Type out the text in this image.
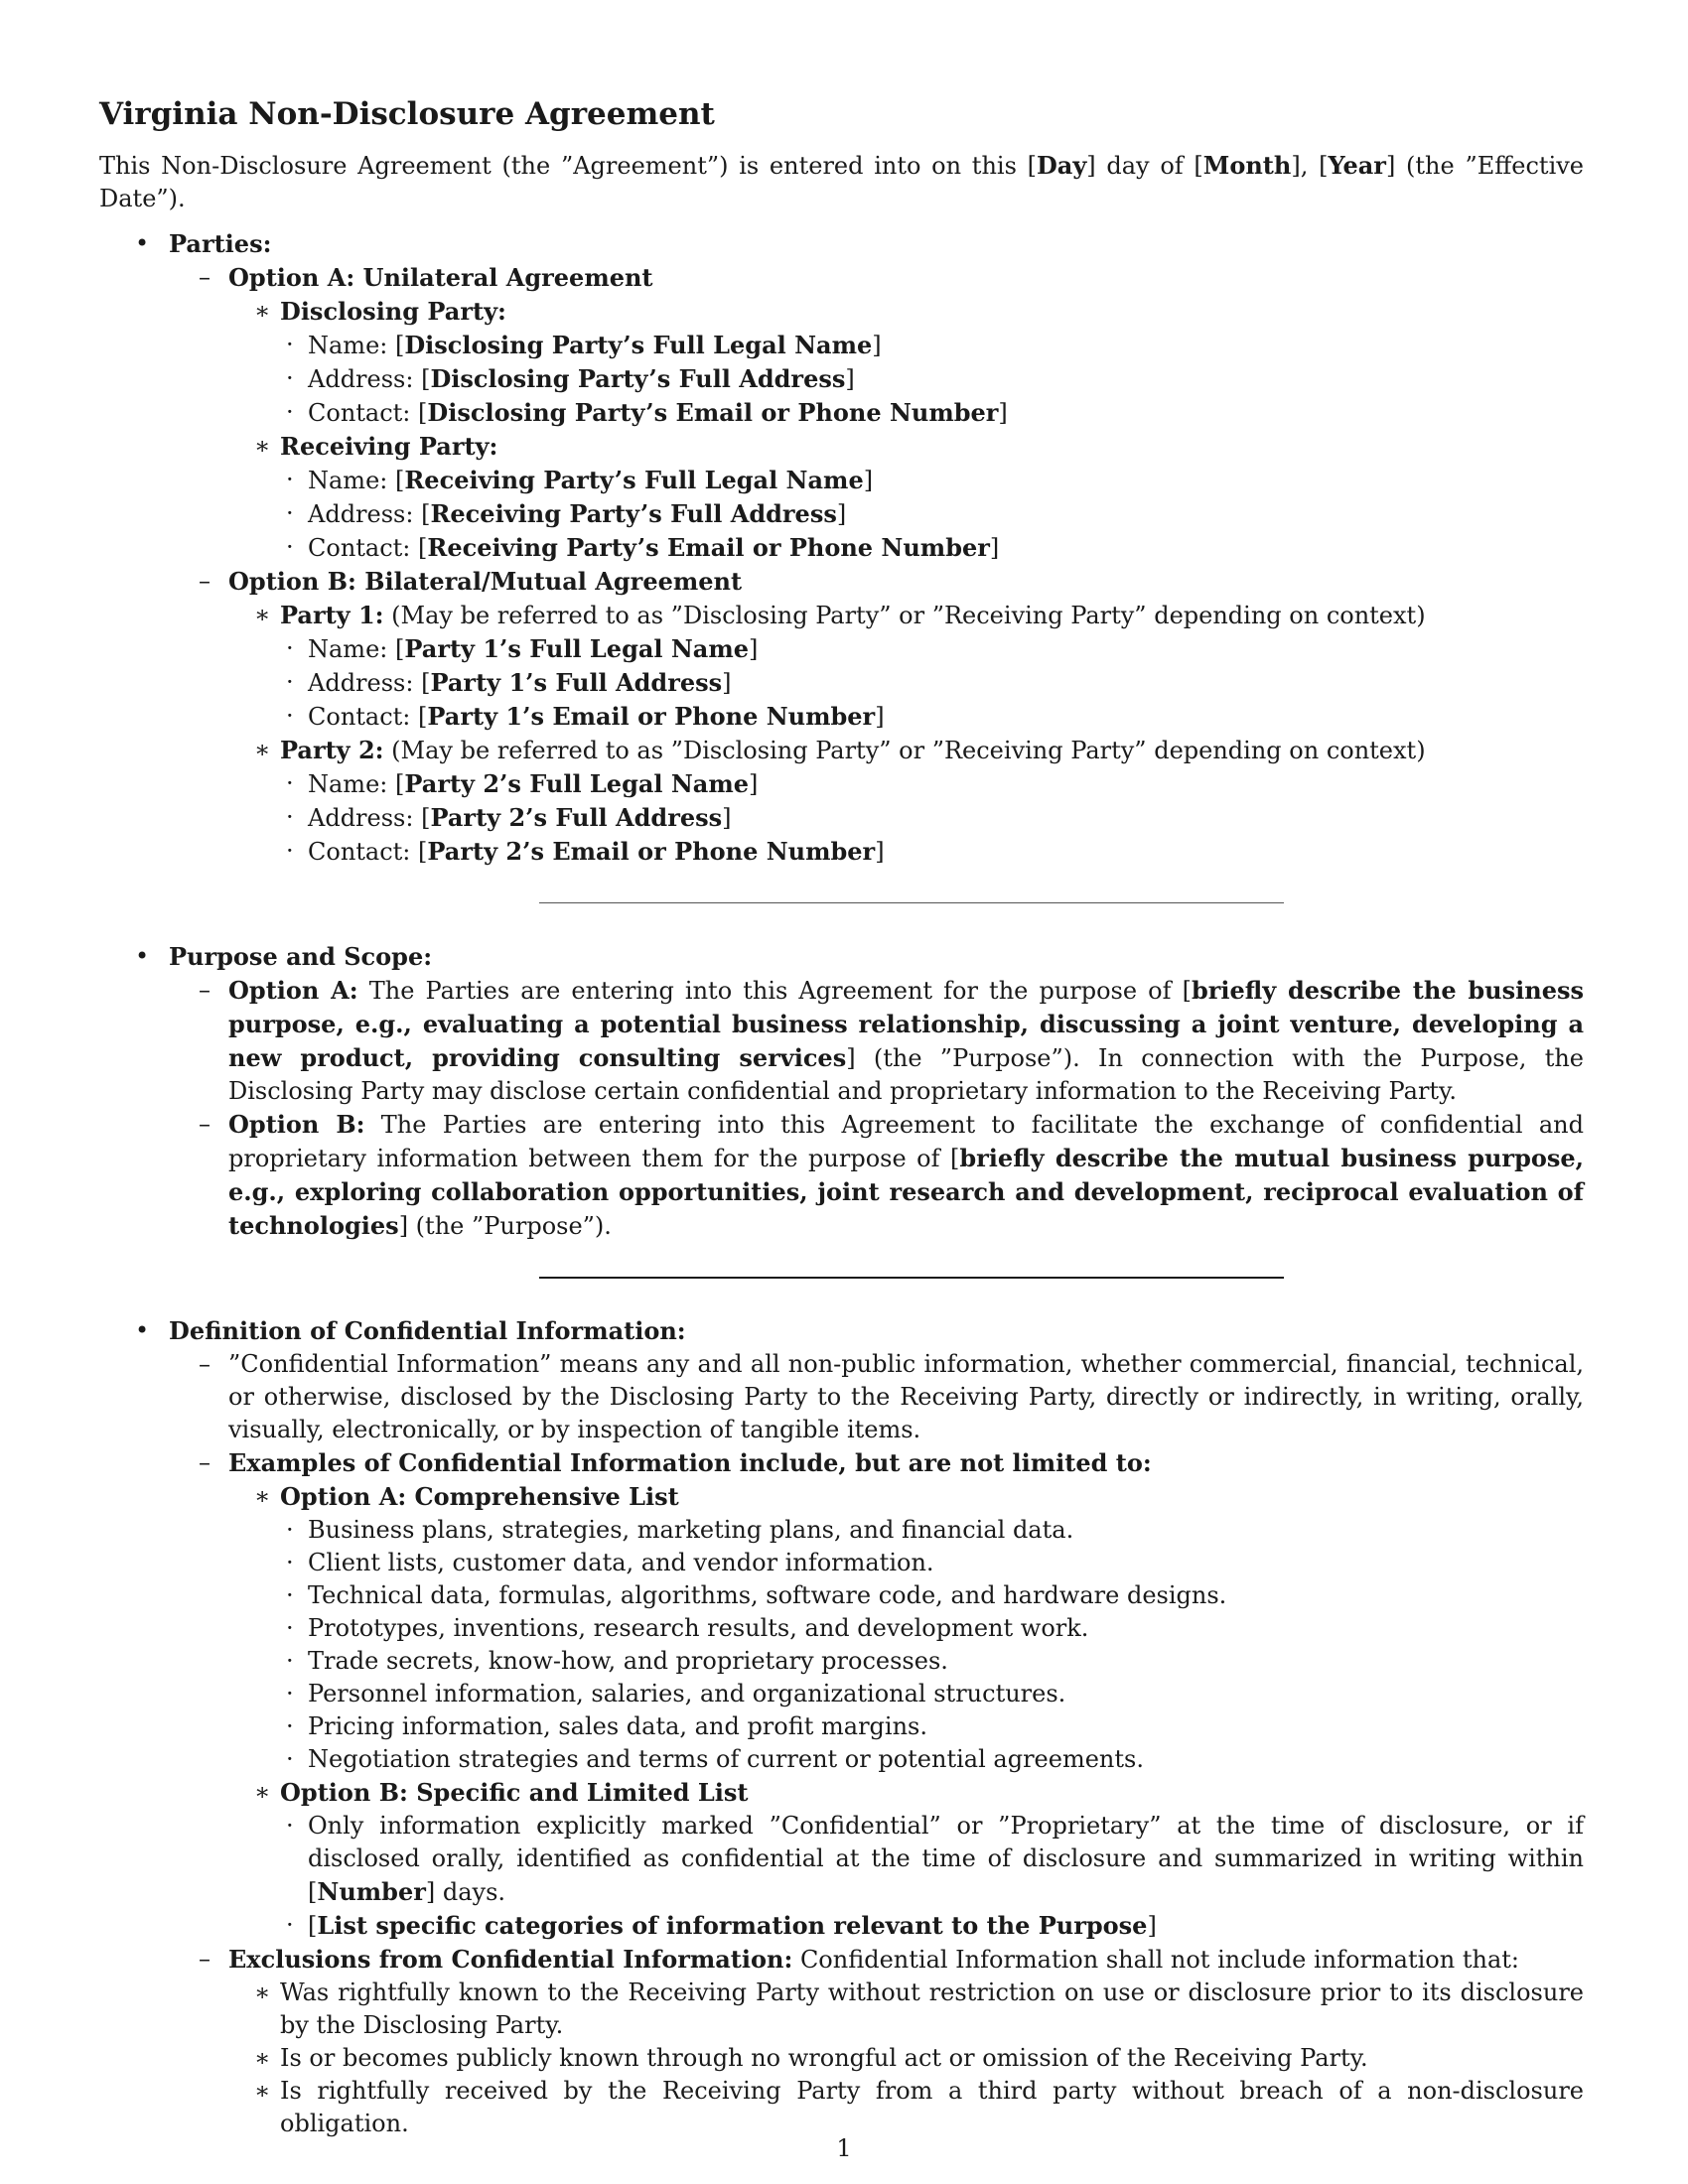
Virginia Non-Disclosure Agreement

This Non-Disclosure Agreement (the ”Agreement”) is entered into on this [Day] day of [Month], [Year] (the ”Effective Date”).

• Parties:
– Option A: Unilateral Agreement
∗ Disclosing Party:
· Name: [Disclosing Party’s Full Legal Name]
· Address: [Disclosing Party’s Full Address]
· Contact: [Disclosing Party’s Email or Phone Number]
∗ Receiving Party:
· Name: [Receiving Party’s Full Legal Name]
· Address: [Receiving Party’s Full Address]
· Contact: [Receiving Party’s Email or Phone Number]
– Option B: Bilateral/Mutual Agreement
∗ Party 1: (May be referred to as ”Disclosing Party” or ”Receiving Party” depending on context)
· Name: [Party 1’s Full Legal Name]
· Address: [Party 1’s Full Address]
· Contact: [Party 1’s Email or Phone Number]
∗ Party 2: (May be referred to as ”Disclosing Party” or ”Receiving Party” depending on context)
· Name: [Party 2’s Full Legal Name]
· Address: [Party 2’s Full Address]
· Contact: [Party 2’s Email or Phone Number]
• Purpose and Scope:
– Option A: The Parties are entering into this Agreement for the purpose of [briefly describe the business purpose, e.g., evaluating a potential business relationship, discussing a joint venture, developing a new product, providing consulting services] (the ”Purpose”). In connection with the Purpose, the Disclosing Party may disclose certain confidential and proprietary information to the Receiving Party.
– Option B: The Parties are entering into this Agreement to facilitate the exchange of confidential and proprietary information between them for the purpose of [briefly describe the mutual business purpose, e.g., exploring collaboration opportunities, joint research and development, reciprocal evaluation of technologies] (the ”Purpose”).
• Definition of Confidential Information:
– ”Confidential Information” means any and all non-public information, whether commercial, financial, technical, or otherwise, disclosed by the Disclosing Party to the Receiving Party, directly or indirectly, in writing, orally, visually, electronically, or by inspection of tangible items.
– Examples of Confidential Information include, but are not limited to:
∗ Option A: Comprehensive List
· Business plans, strategies, marketing plans, and financial data.
· Client lists, customer data, and vendor information.
· Technical data, formulas, algorithms, software code, and hardware designs.
· Prototypes, inventions, research results, and development work.
· Trade secrets, know-how, and proprietary processes.
· Personnel information, salaries, and organizational structures.
· Pricing information, sales data, and profit margins.
· Negotiation strategies and terms of current or potential agreements.
∗ Option B: Specific and Limited List
· Only information explicitly marked ”Confidential” or ”Proprietary” at the time of disclosure, or if disclosed orally, identified as confidential at the time of disclosure and summarized in writing within [Number] days.
· [List specific categories of information relevant to the Purpose]
– Exclusions from Confidential Information: Confidential Information shall not include information that:
∗ Was rightfully known to the Receiving Party without restriction on use or disclosure prior to its disclosure by the Disclosing Party.
∗ Is or becomes publicly known through no wrongful act or omission of the Receiving Party.
∗ Is rightfully received by the Receiving Party from a third party without breach of a non-disclosure obligation.
1
